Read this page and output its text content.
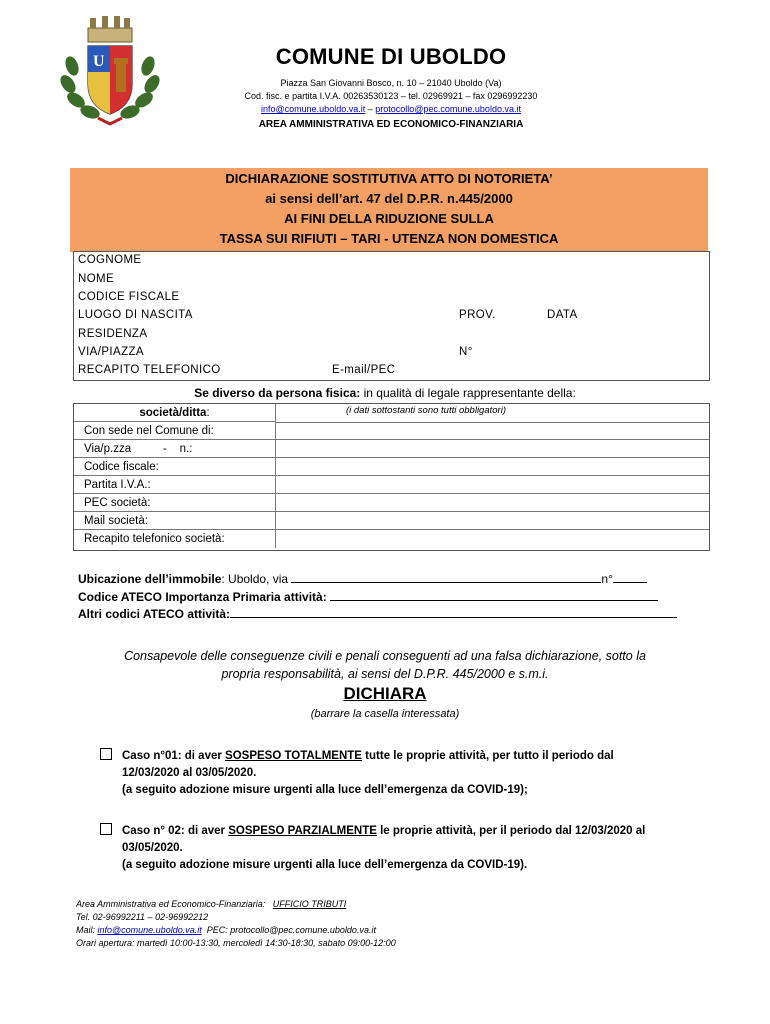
U	COMUNE DI UBOLDO
Piazza San Giovanni Bosco, n. 10 – 21040 Uboldo (Va)
Cod. fisc. e partita I.V.A. 00263530123 – tel. 02969921 – fax 0296992230
info@comune.uboldo.va.it – protocollo@pec.comune.uboldo.va.it
AREA AMMINISTRATIVA ED ECONOMICO-FINANZIARIA
DICHIARAZIONE SOSTITUTIVA ATTO DI NOTORIETA’
ai sensi dell’art. 47 del D.P.R. n.445/2000
AI FINI DELLA RIDUZIONE SULLA
TASSA SUI RIFIUTI – TARI - UTENZA NON DOMESTICA
COGNOME
NOME
CODICE FISCALE
LUOGO DI NASCITA	PROV.	DATA
RESIDENZA
VIA/PIAZZA	N°
RECAPITO TELEFONICO	E-mail/PEC
Se diverso da persona fisica: in qualità di legale rappresentante della:
società/ditta:	(i dati sottostanti sono tutti obbligatori)
Con sede nel Comune di:
Via/p.zza          -    n.:
Codice fiscale:
Partita I.V.A.:
PEC società:
Mail società:
Recapito telefonico società:
Ubicazione dell’immobile: Uboldo, via	n°
Codice ATECO Importanza Primaria attività:
Altri codici ATECO attività:
Consapevole delle conseguenze civili e penali conseguenti ad una falsa dichiarazione, sotto la
propria responsabilità, ai sensi del D.P.R. 445/2000 e s.m.i.
DICHIARA
(barrare la casella interessata)
Caso n°01: di aver SOSPESO TOTALMENTE tutte le proprie attività, per tutto il periodo dal
12/03/2020 al 03/05/2020.
(a seguito adozione misure urgenti alla luce dell’emergenza da COVID-19);
Caso n° 02: di aver SOSPESO PARZIALMENTE le proprie attività, per il periodo dal 12/03/2020 al
03/05/2020.
(a seguito adozione misure urgenti alla luce dell’emergenza da COVID-19).
Area Amministrativa ed Economico-Finanziaria:   UFFICIO TRIBUTI
Tel. 02-96992211 – 02-96992212
Mail: info@comune.uboldo.va.it  PEC: protocollo@pec.comune.uboldo.va.it
Orari apertura: martedì 10:00-13:30, mercoledì 14:30-18:30, sabato 09:00-12:00
